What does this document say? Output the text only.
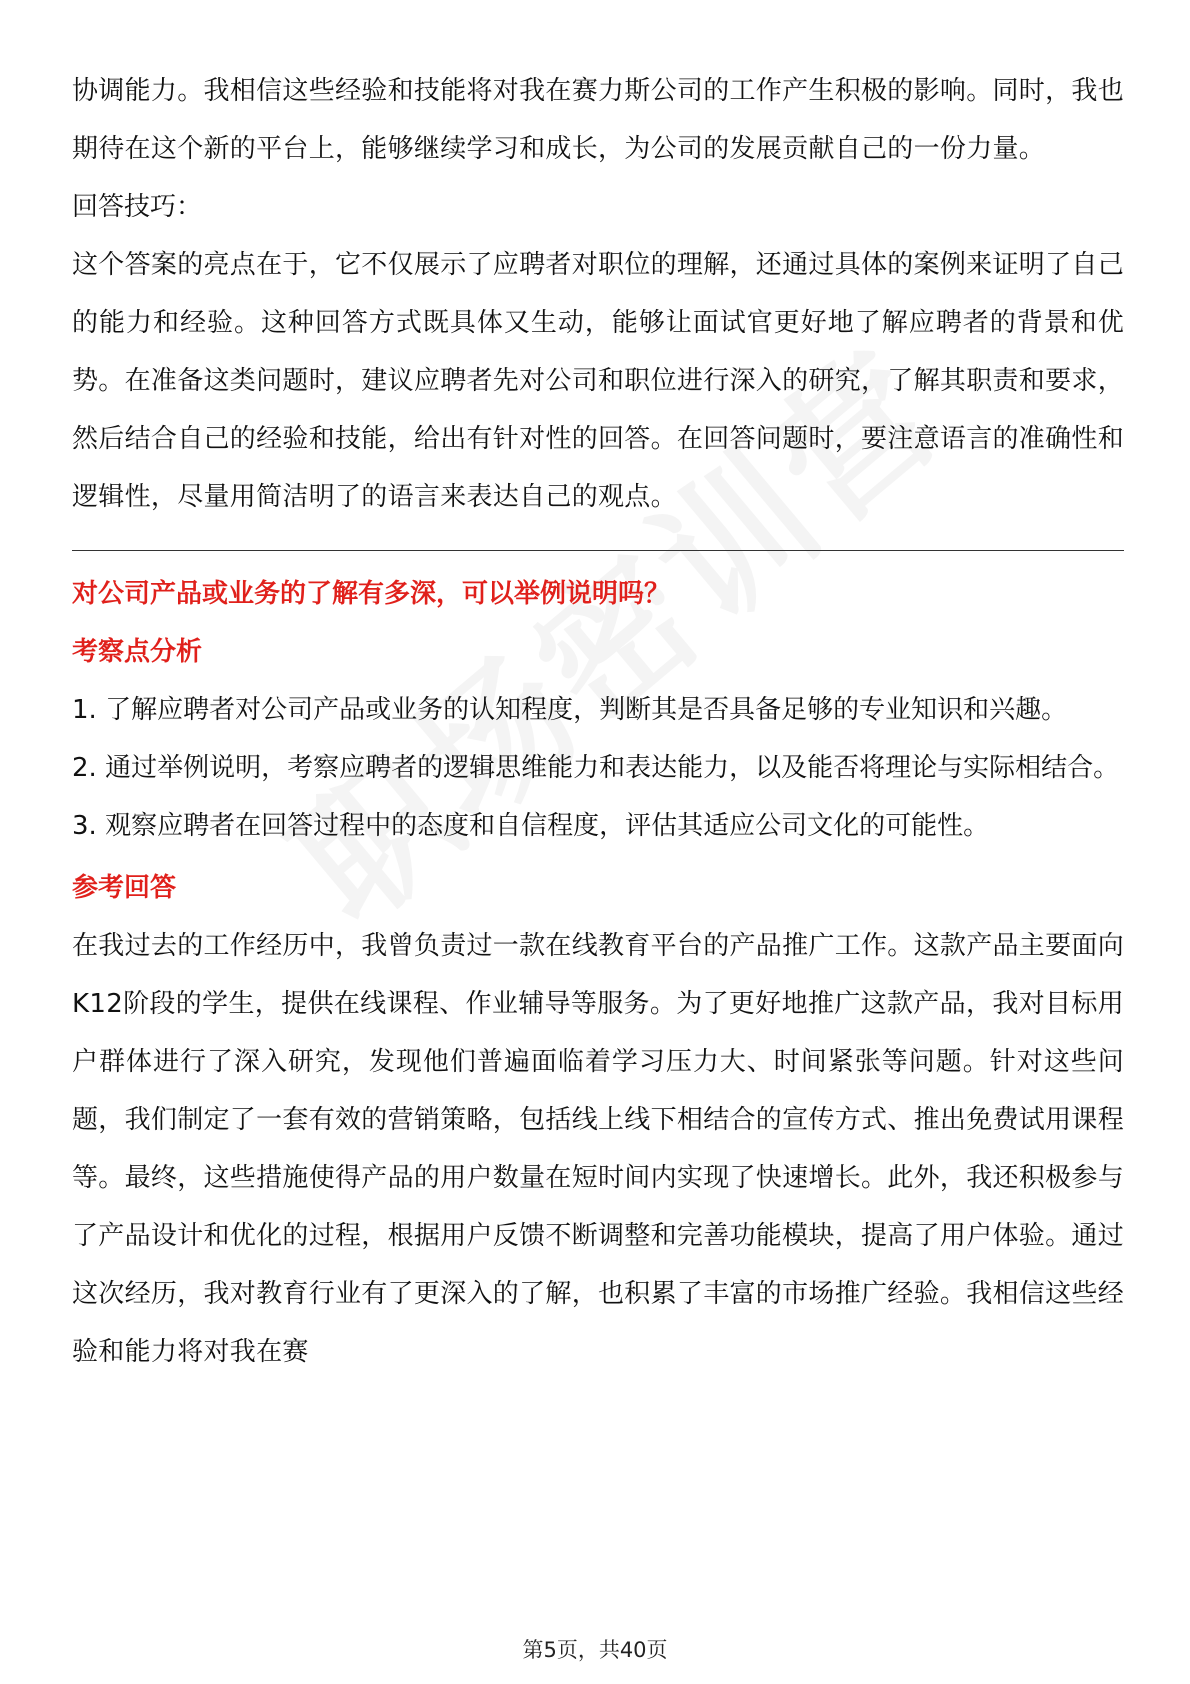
协调能力。我相信这些经验和技能将对我在赛力斯公司的工作产生积极的影响。同时，我也期待在这个新的平台上，能够继续学习和成长，为公司的发展贡献自己的一份力量。

回答技巧：

这个答案的亮点在于，它不仅展示了应聘者对职位的理解，还通过具体的案例来证明了自己的能力和经验。这种回答方式既具体又生动，能够让面试官更好地了解应聘者的背景和优势。在准备这类问题时，建议应聘者先对公司和职位进行深入的研究，了解其职责和要求，然后结合自己的经验和技能，给出有针对性的回答。在回答问题时，要注意语言的准确性和逻辑性，尽量用简洁明了的语言来表达自己的观点。

对公司产品或业务的了解有多深，可以举例说明吗？

考察点分析

1. 了解应聘者对公司产品或业务的认知程度，判断其是否具备足够的专业知识和兴趣。

2. 通过举例说明，考察应聘者的逻辑思维能力和表达能力，以及能否将理论与实际相结合。

3. 观察应聘者在回答过程中的态度和自信程度，评估其适应公司文化的可能性。

参考回答

在我过去的工作经历中，我曾负责过一款在线教育平台的产品推广工作。这款产品主要面向K12阶段的学生，提供在线课程、作业辅导等服务。为了更好地推广这款产品，我对目标用户群体进行了深入研究，发现他们普遍面临着学习压力大、时间紧张等问题。针对这些问题，我们制定了一套有效的营销策略，包括线上线下相结合的宣传方式、推出免费试用课程等。最终，这些措施使得产品的用户数量在短时间内实现了快速增长。此外，我还积极参与了产品设计和优化的过程，根据用户反馈不断调整和完善功能模块，提高了用户体验。通过这次经历，我对教育行业有了更深入的了解，也积累了丰富的市场推广经验。我相信这些经验和能力将对我在赛

第5页，共40页
